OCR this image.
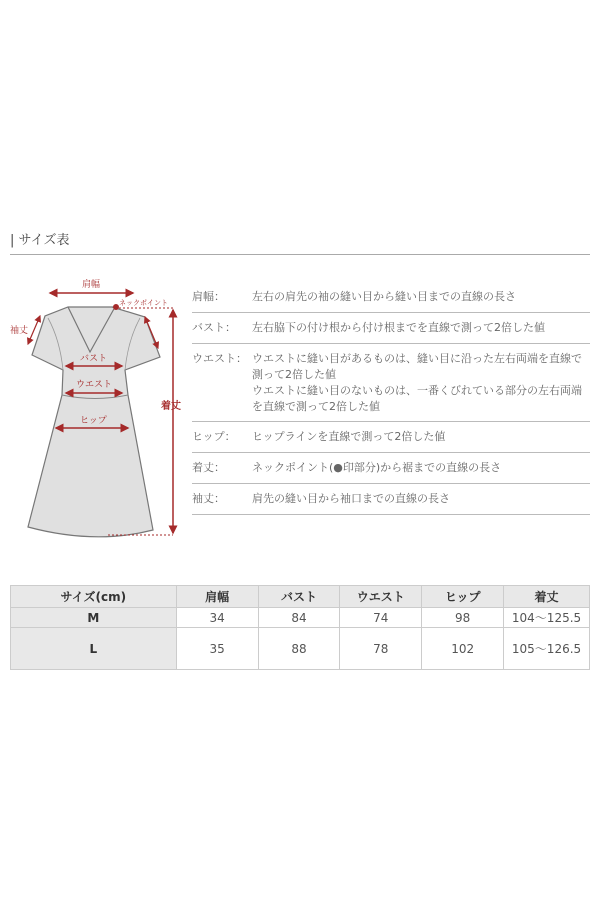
| サイズ表
肩幅
ネックポイント
袖丈
バスト
ウエスト
ヒップ
着丈
肩幅：	左右の肩先の袖の縫い目から縫い目までの直線の長さ
バスト：	左右脇下の付け根から付け根までを直線で測って2倍した値
ウエスト： ウエストに縫い目があるものは、縫い目に沿った左右両端を直線で
測って2倍した値
ウエストに縫い目のないものは、一番くびれている部分の左右両端
を直線で測って2倍した値
ヒップ：	ヒップラインを直線で測って2倍した値
着丈：	ネックポイント(●印部分)から裾までの直線の長さ
袖丈：	肩先の縫い目から袖口までの直線の長さ
サイズ(cm)	肩幅	バスト	ウエスト	ヒップ	着丈
M	34	84	74	98	104～125.5
L	35	88	78	102	105～126.5
